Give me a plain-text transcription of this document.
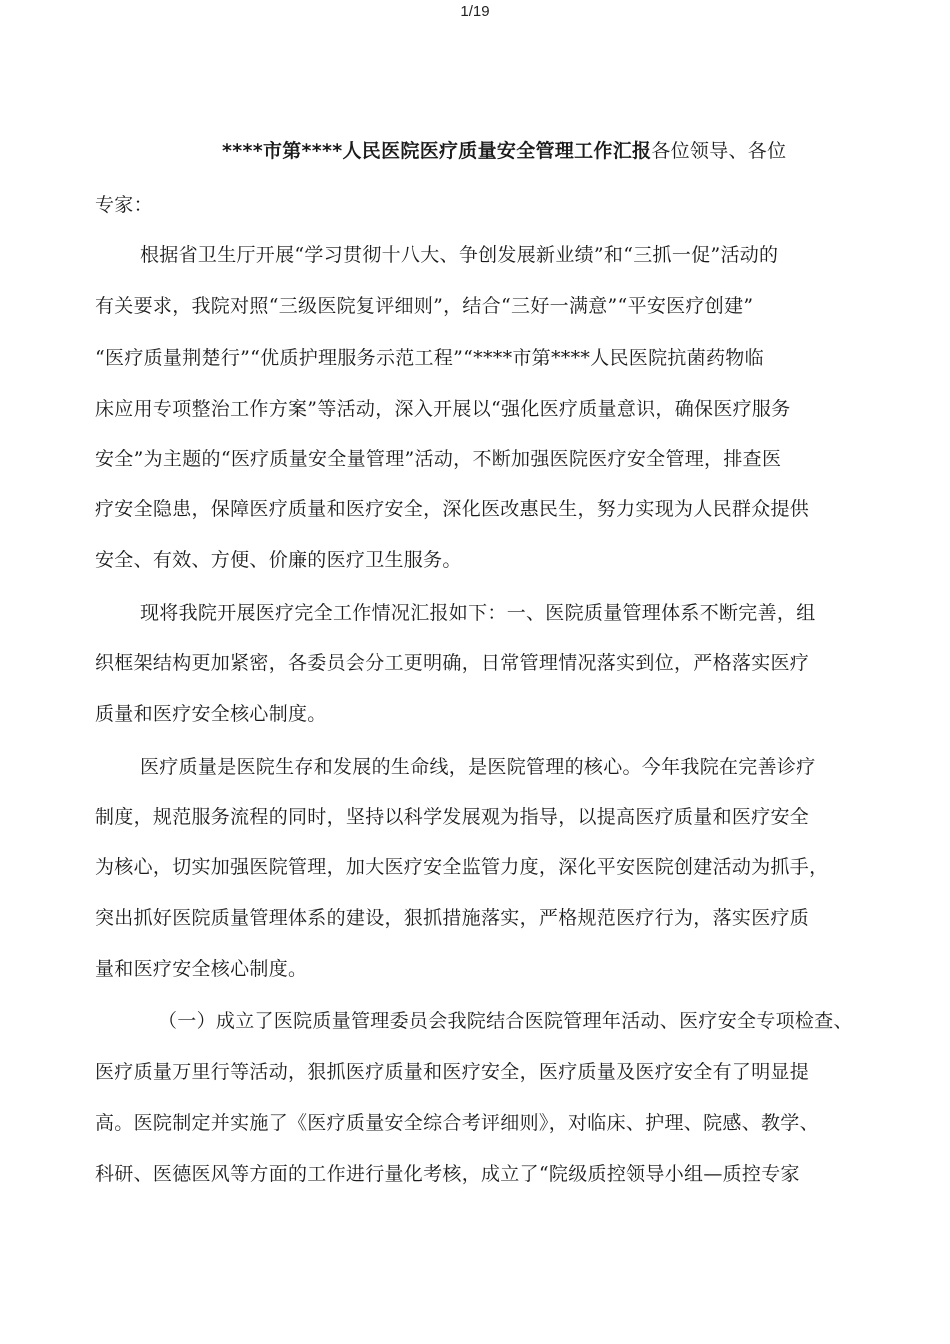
1/19
****市第****人民医院医疗质量安全管理工作汇报各位领导、各位
专家：
根据省卫生厅开展“学习贯彻十八大、争创发展新业绩”和“三抓一促”活动的
有关要求，我院对照“三级医院复评细则”，结合“三好一满意”“平安医疗创建”
“医疗质量荆楚行”“优质护理服务示范工程”“****市第****人民医院抗菌药物临
床应用专项整治工作方案”等活动，深入开展以“强化医疗质量意识，确保医疗服务
安全”为主题的“医疗质量安全量管理”活动，不断加强医院医疗安全管理，排查医
疗安全隐患，保障医疗质量和医疗安全，深化医改惠民生，努力实现为人民群众提供
安全、有效、方便、价廉的医疗卫生服务。
现将我院开展医疗完全工作情况汇报如下：一、医院质量管理体系不断完善，组
织框架结构更加紧密，各委员会分工更明确，日常管理情况落实到位，严格落实医疗
质量和医疗安全核心制度。
医疗质量是医院生存和发展的生命线，是医院管理的核心。今年我院在完善诊疗
制度，规范服务流程的同时，坚持以科学发展观为指导，以提高医疗质量和医疗安全
为核心，切实加强医院管理，加大医疗安全监管力度，深化平安医院创建活动为抓手，
突出抓好医院质量管理体系的建设，狠抓措施落实，严格规范医疗行为，落实医疗质
量和医疗安全核心制度。
（一）成立了医院质量管理委员会我院结合医院管理年活动、医疗安全专项检查、
医疗质量万里行等活动，狠抓医疗质量和医疗安全，医疗质量及医疗安全有了明显提
高。医院制定并实施了《医疗质量安全综合考评细则》，对临床、护理、院感、教学、
科研、医德医风等方面的工作进行量化考核，成立了“院级质控领导小组—质控专家
